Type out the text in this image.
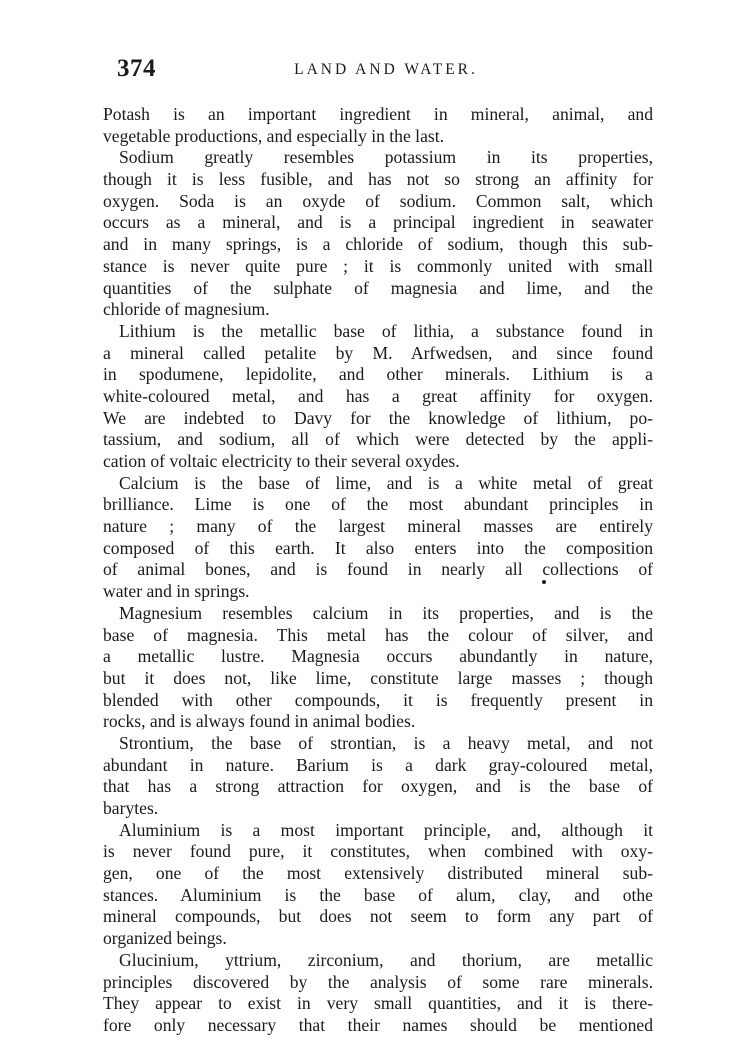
374	LAND AND WATER.
Potash is an important ingredient in mineral, animal, and
vegetable productions, and especially in the last.
Sodium greatly resembles potassium in its properties,
though it is less fusible, and has not so strong an affinity for
oxygen. Soda is an oxyde of sodium. Common salt, which
occurs as a mineral, and is a principal ingredient in seawater
and in many springs, is a chloride of sodium, though this sub-
stance is never quite pure ; it is commonly united with small
quantities of the sulphate of magnesia and lime, and the
chloride of magnesium.
Lithium is the metallic base of lithia, a substance found in
a mineral called petalite by M. Arfwedsen, and since found
in spodumene, lepidolite, and other minerals. Lithium is a
white-coloured metal, and has a great affinity for oxygen.
We are indebted to Davy for the knowledge of lithium, po-
tassium, and sodium, all of which were detected by the appli-
cation of voltaic electricity to their several oxydes.
Calcium is the base of lime, and is a white metal of great
brilliance. Lime is one of the most abundant principles in
nature ; many of the largest mineral masses are entirely
composed of this earth. It also enters into the composition
of animal bones, and is found in nearly all collections of
water and in springs.
Magnesium resembles calcium in its properties, and is the
base of magnesia. This metal has the colour of silver, and
a metallic lustre. Magnesia occurs abundantly in nature,
but it does not, like lime, constitute large masses ; though
blended with other compounds, it is frequently present in
rocks, and is always found in animal bodies.
Strontium, the base of strontian, is a heavy metal, and not
abundant in nature. Barium is a dark gray-coloured metal,
that has a strong attraction for oxygen, and is the base of
barytes.
Aluminium is a most important principle, and, although it
is never found pure, it constitutes, when combined with oxy-
gen, one of the most extensively distributed mineral sub-
stances. Aluminium is the base of alum, clay, and othe
mineral compounds, but does not seem to form any part of
organized beings.
Glucinium, yttrium, zirconium, and thorium, are metallic
principles discovered by the analysis of some rare minerals.
They appear to exist in very small quantities, and it is there-
fore only necessary that their names should be mentioned
